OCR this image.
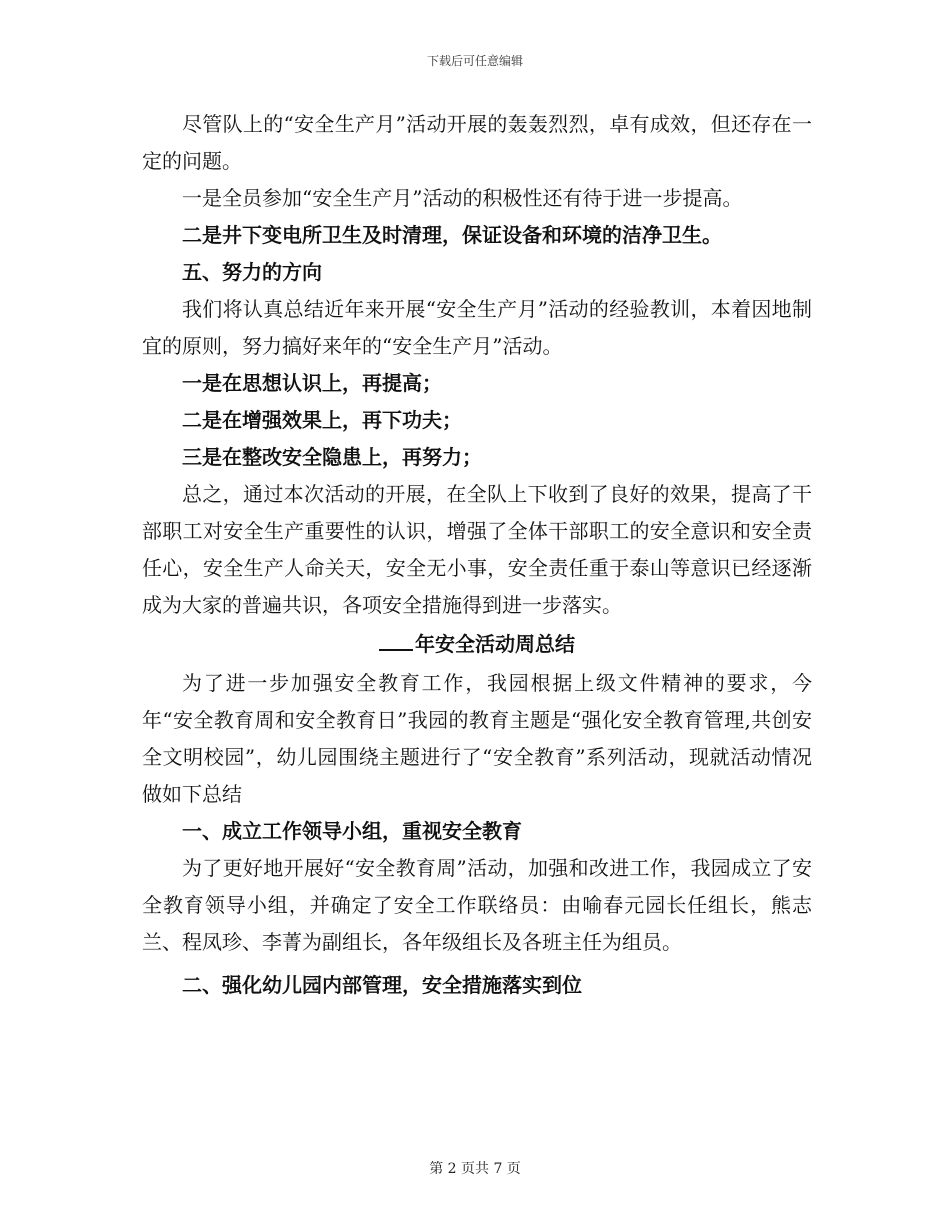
下载后可任意编辑

尽管队上的“安全生产月”活动开展的轰轰烈烈，卓有成效，但还存在一定的问题。

一是全员参加“安全生产月”活动的积极性还有待于进一步提高。

二是井下变电所卫生及时清理，保证设备和环境的洁净卫生。

五、努力的方向

我们将认真总结近年来开展“安全生产月”活动的经验教训，本着因地制宜的原则，努力搞好来年的“安全生产月”活动。

一是在思想认识上，再提高；

二是在增强效果上，再下功夫；

三是在整改安全隐患上，再努力；

总之，通过本次活动的开展，在全队上下收到了良好的效果，提高了干部职工对安全生产重要性的认识，增强了全体干部职工的安全意识和安全责任心，安全生产人命关天，安全无小事，安全责任重于泰山等意识已经逐渐成为大家的普遍共识，各项安全措施得到进一步落实。

年安全活动周总结

为了进一步加强安全教育工作，我园根据上级文件精神的要求，今年“安全教育周和安全教育日”我园的教育主题是“强化安全教育管理,共创安全文明校园”，幼儿园围绕主题进行了“安全教育”系列活动，现就活动情况做如下总结

一、成立工作领导小组，重视安全教育

为了更好地开展好“安全教育周”活动，加强和改进工作，我园成立了安全教育领导小组，并确定了安全工作联络员：由喻春元园长任组长，熊志兰、程凤珍、李菁为副组长，各年级组长及各班主任为组员。

二、强化幼儿园内部管理，安全措施落实到位

第 2 页共 7 页
